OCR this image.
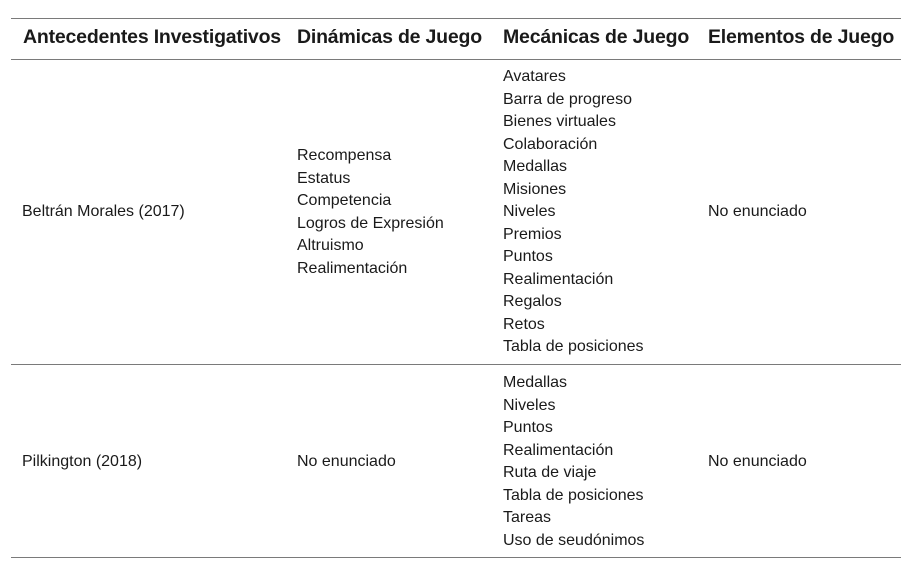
Antecedentes Investigativos Dinámicas de Juego Mecánicas de Juego Elementos de Juego
Beltrán Morales (2017)
Recompensa
Estatus
Competencia
Logros de Expresión
Altruismo
Realimentación
Avatares
Barra de progreso
Bienes virtuales
Colaboración
Medallas
Misiones
Niveles
Premios
Puntos
Realimentación
Regalos
Retos
Tabla de posiciones
No enunciado
Pilkington (2018)	No enunciado
Medallas
Niveles
Puntos
Realimentación
Ruta de viaje
Tabla de posiciones
Tareas
Uso de seudónimos
No enunciado
